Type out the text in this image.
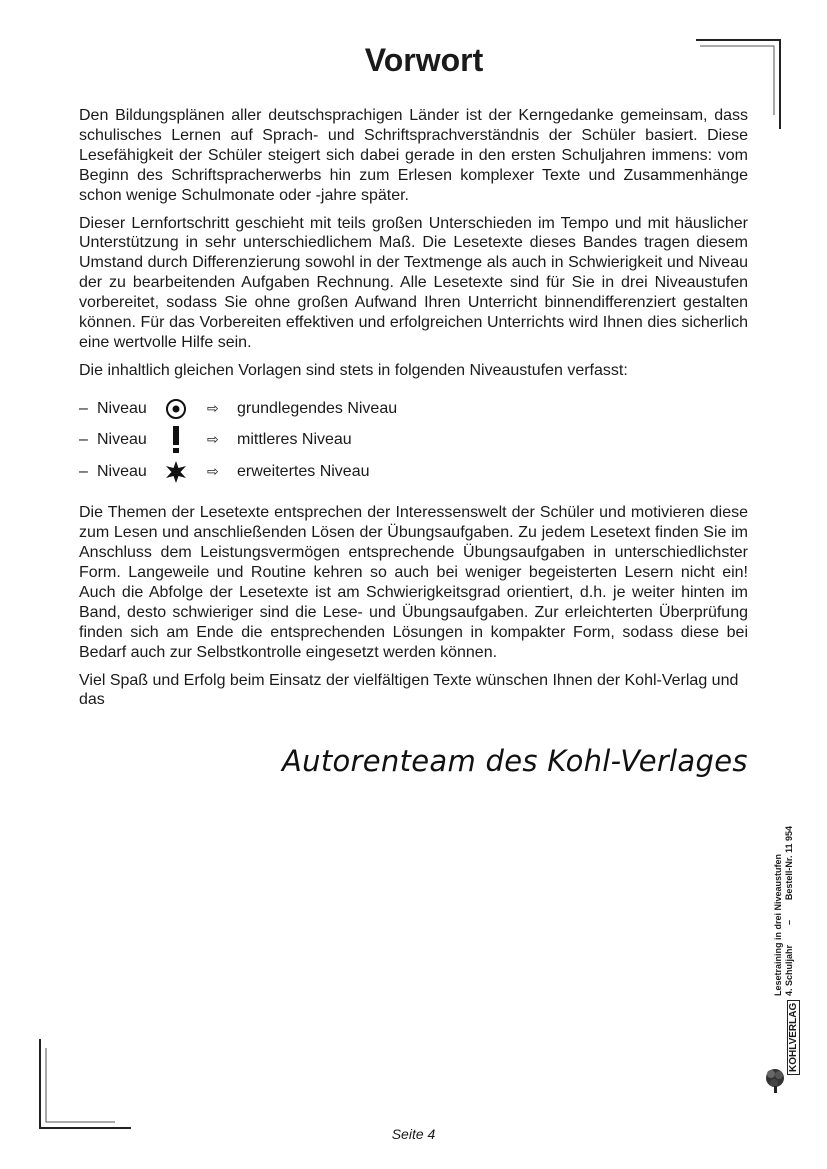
Vorwort

Den Bildungsplänen aller deutschsprachigen Länder ist der Kerngedanke gemeinsam, dass schulisches Lernen auf Sprach- und Schriftsprachverständnis der Schüler basiert. Diese Lesefähigkeit der Schüler steigert sich dabei gerade in den ersten Schuljahren immens: vom Beginn des Schriftspracherwerbs hin zum Erlesen komplexer Texte und Zusammenhänge schon wenige Schulmonate oder -jahre später.

Dieser Lernfortschritt geschieht mit teils großen Unterschieden im Tempo und mit häuslicher Unterstützung in sehr unterschiedlichem Maß. Die Lesetexte dieses Bandes tragen diesem Umstand durch Differenzierung sowohl in der Textmenge als auch in Schwierigkeit und Niveau der zu bearbeitenden Aufgaben Rechnung. Alle Lesetexte sind für Sie in drei Niveaustufen vorbereitet, sodass Sie ohne großen Aufwand Ihren Unterricht binnendifferenziert gestalten können. Für das Vorbereiten effektiven und erfolgreichen Unterrichts wird Ihnen dies sicherlich eine wertvolle Hilfe sein.

Die inhaltlich gleichen Vorlagen sind stets in folgenden Niveaustufen verfasst:

– Niveau	⇨	grundlegendes Niveau
– Niveau	⇨	mittleres Niveau
– Niveau	⇨	erweitertes Niveau

Die Themen der Lesetexte entsprechen der Interessenswelt der Schüler und motivieren diese zum Lesen und anschließenden Lösen der Übungsaufgaben. Zu jedem Lesetext finden Sie im Anschluss dem Leistungsvermögen entsprechende Übungsaufgaben in unterschiedlichster Form. Langeweile und Routine kehren so auch bei weniger begeisterten Lesern nicht ein! Auch die Abfolge der Lesetexte ist am Schwierigkeitsgrad orientiert, d.h. je weiter hinten im Band, desto schwieriger sind die Lese- und Übungsaufgaben. Zur erleichterten Überprüfung finden sich am Ende die entsprechenden Lösungen in kompakter Form, sodass diese bei Bedarf auch zur Selbstkontrolle eingesetzt werden können.

Viel Spaß und Erfolg beim Einsatz der vielfältigen Texte wünschen Ihnen der Kohl-Verlag und das

Autorenteam des Kohl-Verlages
Lesetraining in drei Niveaustufen 4. Schuljahr
–
Bestell-Nr. 11 954
KOHLVERLAG
Seite 4
